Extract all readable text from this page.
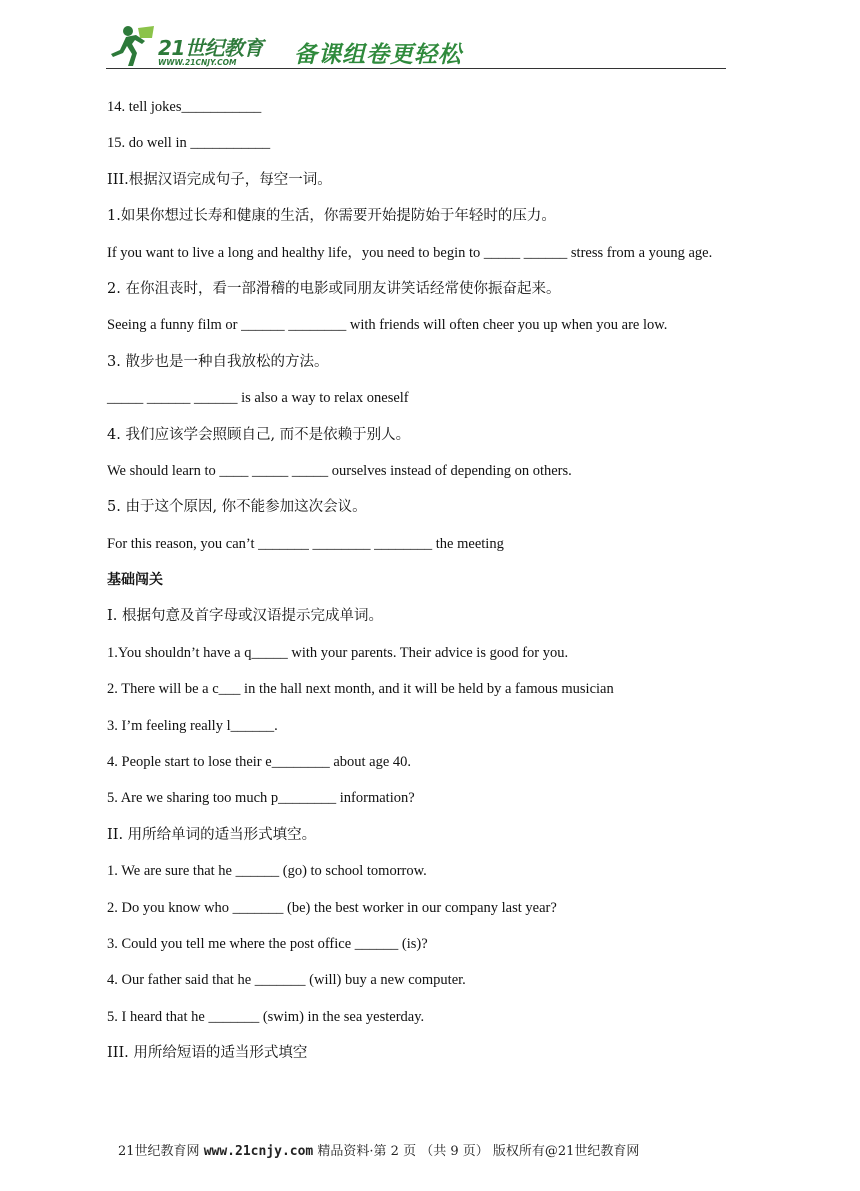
21世纪教育
WWW.21CNJY.COM	备课组卷更轻松
14. tell jokes___________
15. do well in ___________
III.根据汉语完成句子，每空一词。
1.如果你想过长寿和健康的生活，你需要开始提防始于年轻时的压力。
If you want to live a long and healthy life，you need to begin to _____ ______ stress from a young age.
2. 在你沮丧时，看一部滑稽的电影或同朋友讲笑话经常使你振奋起来。
Seeing a funny film or ______ ________ with friends will often cheer you up when you are low.
3. 散步也是一种自我放松的方法。
_____ ______ ______ is also a way to relax oneself
4. 我们应该学会照顾自己, 而不是依赖于别人。
We should learn to ____ _____ _____ ourselves instead of depending on others.
5. 由于这个原因, 你不能参加这次会议。
For this reason, you can’t _______ ________ ________ the meeting
基础闯关
I. 根据句意及首字母或汉语提示完成单词。
1.You shouldn’t have a q_____ with your parents. Their advice is good for you.
2. There will be a c___ in the hall next month, and it will be held by a famous musician
3. I’m feeling really l______.
4. People start to lose their e________ about age 40.
5. Are we sharing too much p________ information?
II. 用所给单词的适当形式填空。
1. We are sure that he ______ (go) to school tomorrow.
2. Do you know who _______ (be) the best worker in our company last year?
3. Could you tell me where the post office ______ (is)?
4. Our father said that he _______ (will) buy a new computer.
5. I heard that he _______ (swim) in the sea yesterday.
III. 用所给短语的适当形式填空
21世纪教育网 www.21cnjy.com 精品资料·第 2 页 （共 9 页） 版权所有@21世纪教育网
